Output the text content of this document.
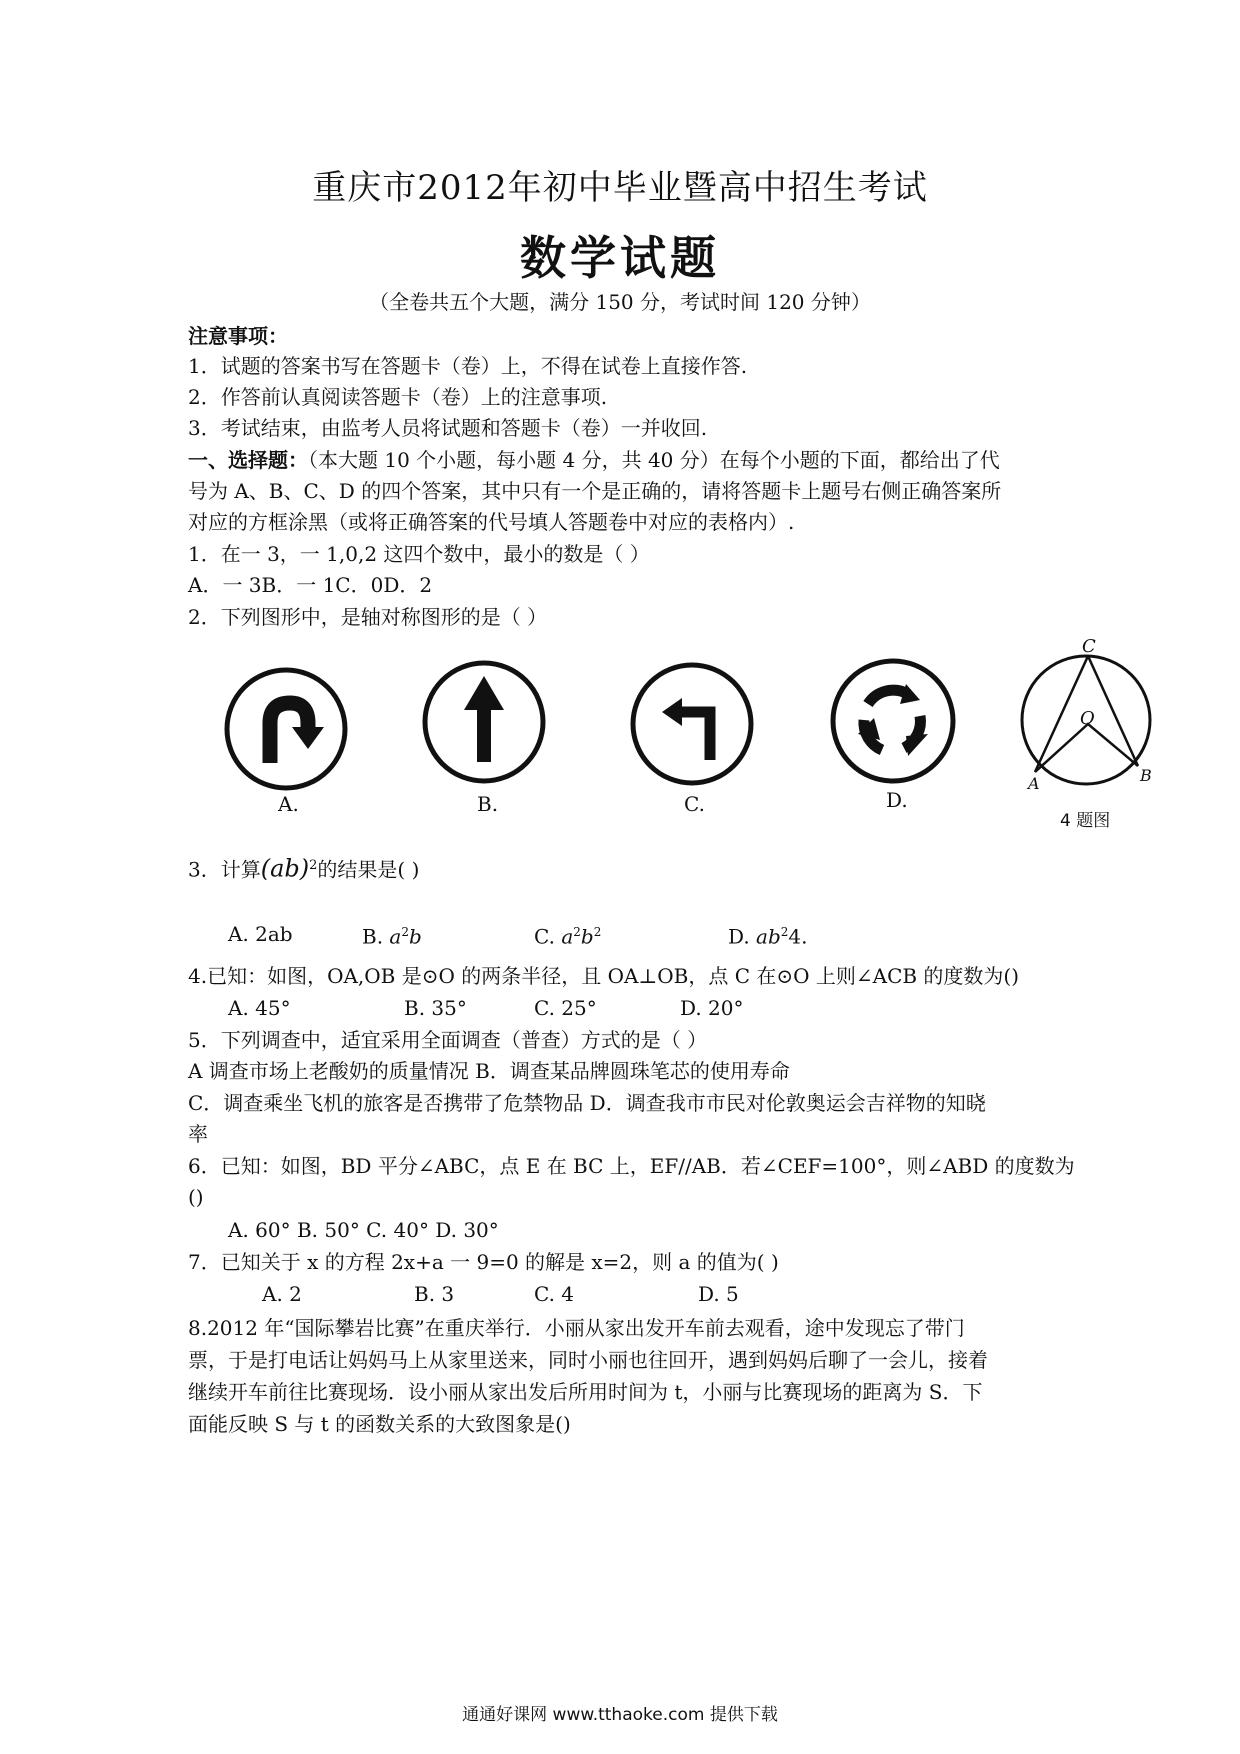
重庆市2012年初中毕业暨高中招生考试
数学试题
（全卷共五个大题，满分 150 分，考试时间 120 分钟）
注意事项：
1．试题的答案书写在答题卡（卷）上，不得在试卷上直接作答.
2．作答前认真阅读答题卡（卷）上的注意事项.
3．考试结束，由监考人员将试题和答题卡（卷）一并收回.
一、选择题：（本大题 10 个小题，每小题 4 分，共 40 分）在每个小题的下面，都给出了代
号为 A、B、C、D 的四个答案，其中只有一个是正确的，请将答题卡上题号右侧正确答案所
对应的方框涂黑（或将正确答案的代号填人答题卷中对应的表格内）.
1．在一 3，一 1,0,2 这四个数中，最小的数是（ ）
A．一 3B．一 1C．0D．2
2．下列图形中，是轴对称图形的是（ ）
A.	B.	C.	D.
C
O
A	B
4 题图
3．计算(ab)$^2$的结果是( )
A. 2ab	B. $a^2b$	C. $a^2b^2$	D. $ab^24$.
4.已知：如图，OA,OB 是⊙O 的两条半径，且 OA⊥OB，点 C 在⊙O 上则∠ACB 的度数为()
A. 45°	B. 35°	C. 25°	D. 20°
5．下列调查中，适宜采用全面调查（普查）方式的是（ ）
A 调查市场上老酸奶的质量情况 B．调查某品牌圆珠笔芯的使用寿命
C．调查乘坐飞机的旅客是否携带了危禁物品 D．调查我市市民对伦敦奥运会吉祥物的知晓
率
6．已知：如图，BD 平分∠ABC，点 E 在 BC 上，EF//AB．若∠CEF=100°，则∠ABD 的度数为
()
A. 60° B. 50° C. 40° D. 30°
7．已知关于 x 的方程 2x+a 一 9=0 的解是 x=2，则 a 的值为( )
A. 2	B. 3	C. 4	D. 5
8.2012 年“国际攀岩比赛”在重庆举行．小丽从家出发开车前去观看，途中发现忘了带门
票，于是打电话让妈妈马上从家里送来，同时小丽也往回开，遇到妈妈后聊了一会儿，接着
继续开车前往比赛现场．设小丽从家出发后所用时间为 t，小丽与比赛现场的距离为 S．下
面能反映 S 与 t 的函数关系的大致图象是()
通通好课网 www.tthaoke.com 提供下载
